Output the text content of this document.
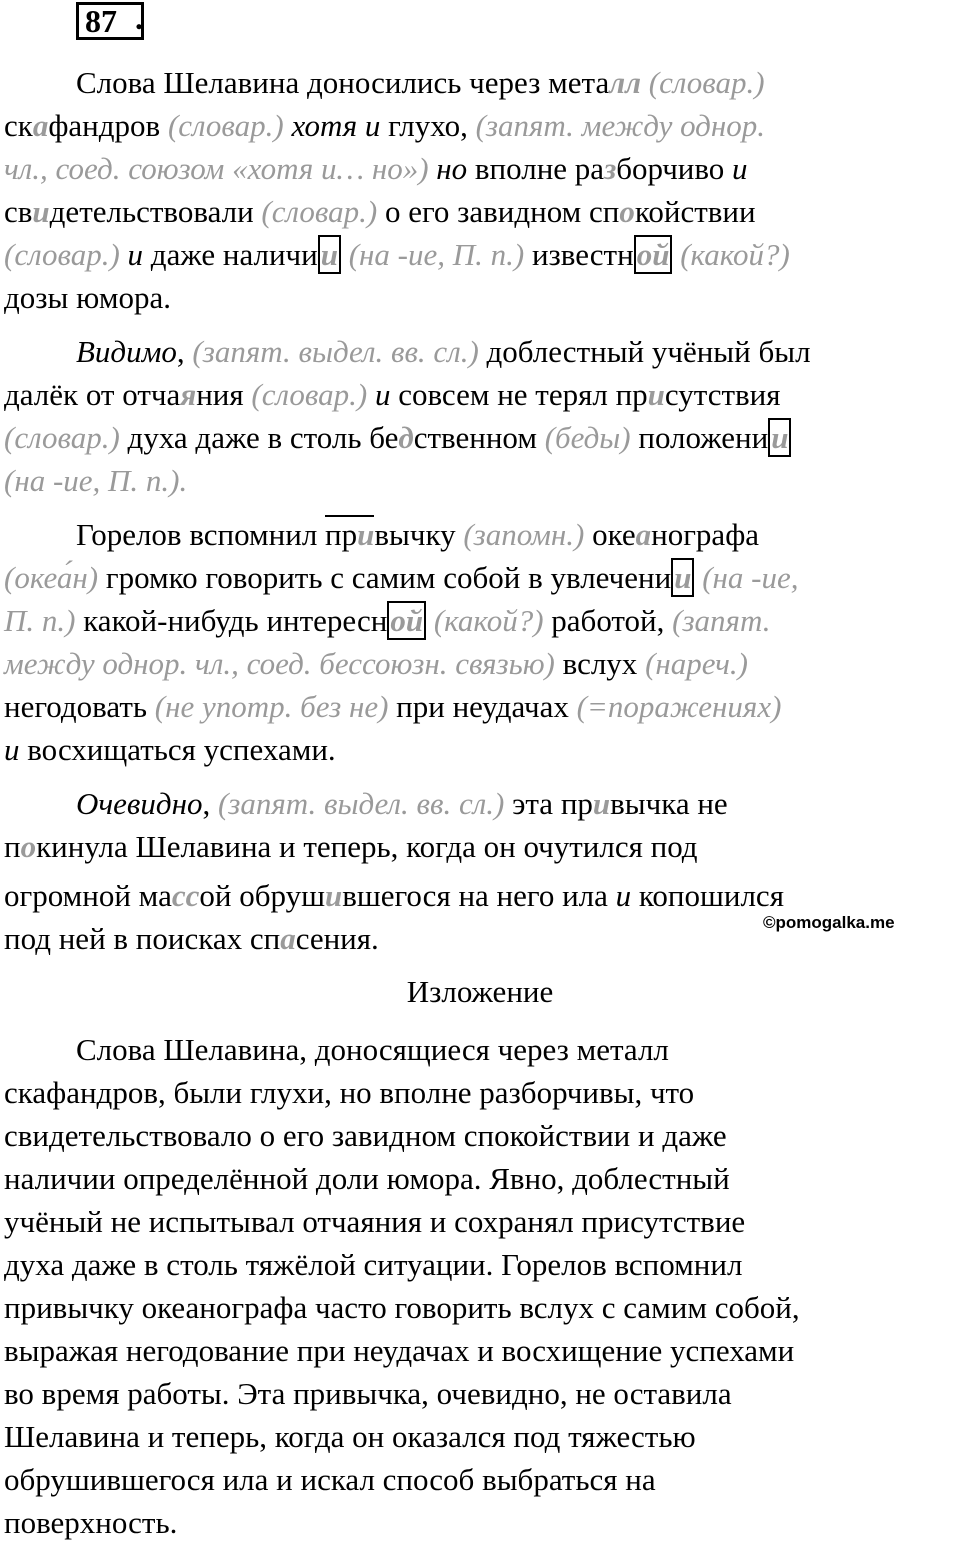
87 .
Слова Шелавина доносились через металл (словар.)
скафандров (словар.) хотя и глухо, (запят. между однор.
чл., соед. союзом «хотя и… но») но вполне разборчиво и
свидетельствовали (словар.) о его завидном спокойствии
(словар.) и даже наличии (на -ие, П. п.) известной (какой?)
дозы юмора.
Видимо, (запят. выдел. вв. сл.) доблестный учёный был
далёк от отчаяния (словар.) и совсем не терял присутствия
(словар.) духа даже в столь бедственном (беды) положении
(на -ие, П. п.).
Горелов вспомнил привычку (запомн.) океанографа
(океа́н) громко говорить с самим собой в увлечении (на -ие,
П. п.) какой-нибудь интересной (какой?) работой, (запят.
между однор. чл., соед. бессоюзн. связью) вслух (нареч.)
негодовать (не употр. без не) при неудачах (=поражениях)
и восхищаться успехами.
Очевидно, (запят. выдел. вв. сл.) эта привычка не
покинула Шелавина и теперь, когда он очутился под
огромной массой обрушившегося на него ила и копошился
под ней в поисках спасения.	©pomogalka.me
Изложение
Слова Шелавина, доносящиеся через металл
скафандров, были глухи, но вполне разборчивы, что
свидетельствовало о его завидном спокойствии и даже
наличии определённой доли юмора. Явно, доблестный
учёный не испытывал отчаяния и сохранял присутствие
духа даже в столь тяжёлой ситуации. Горелов вспомнил
привычку океанографа часто говорить вслух с самим собой,
выражая негодование при неудачах и восхищение успехами
во время работы. Эта привычка, очевидно, не оставила
Шелавина и теперь, когда он оказался под тяжестью
обрушившегося ила и искал способ выбраться на
поверхность.
